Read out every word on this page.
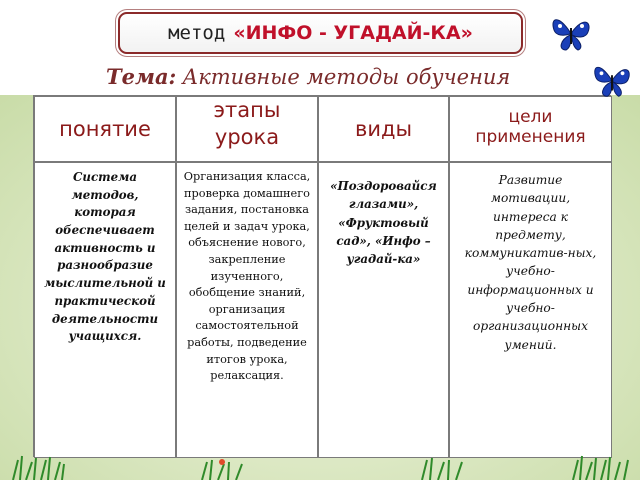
метод «ИНФО - УГАДАЙ-КА»
Тема: Активные методы обучения
понятие
этапы урока	виды	цели применения
Система методов, которая обеспечивает активность и разнообразие мыслительной и практической деятельности учащихся.
Организация класса, проверка домашнего задания, постановка целей и задач урока, объяснение нового, закрепление изученного, обобщение знаний, организация самостоятельной работы, подведение итогов урока, релаксация.
«Поздоровайся глазами», «Фруктовый сад», «Инфо – угадай-ка»
Развитие мотивации, интереса к предмету, коммуникатив-ных, учебно-информационных и учебно-организационных умений.
